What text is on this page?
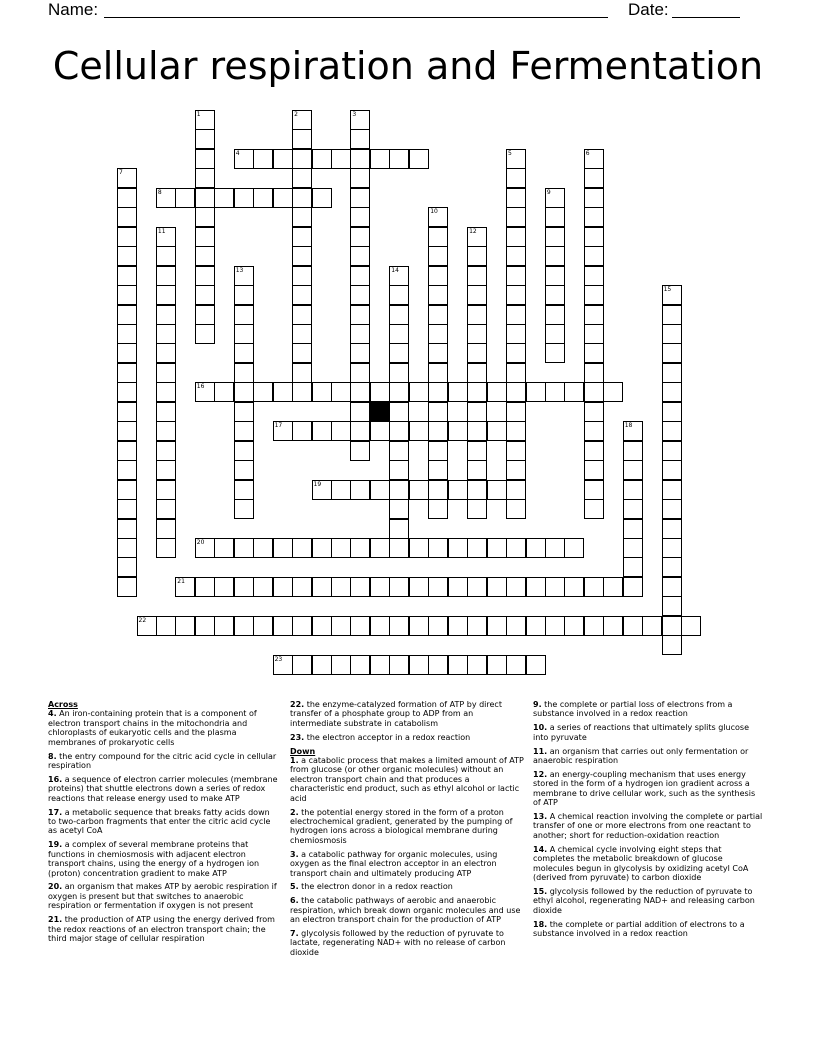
Name:	Date:
Cellular respiration and Fermentation
4
8
16
17
19
20
21
22
23
1	2	3
5	6
7
9
10
11	12
13	14
15
18
Across
4. An iron-containing protein that is a component of electron transport chains in the mitochondria and chloroplasts of eukaryotic cells and the plasma membranes of prokaryotic cells
8. the entry compound for the citric acid cycle in cellular respiration
16. a sequence of electron carrier molecules (membrane proteins) that shuttle electrons down a series of redox reactions that release energy used to make ATP
17. a metabolic sequence that breaks fatty acids down to two-carbon fragments that enter the citric acid cycle as acetyl CoA
19. a complex of several membrane proteins that functions in chemiosmosis with adjacent electron transport chains, using the energy of a hydrogen ion (proton) concentration gradient to make ATP
20. an organism that makes ATP by aerobic respiration if oxygen is present but that switches to anaerobic respiration or fermentation if oxygen is not present
21. the production of ATP using the energy derived from the redox reactions of an electron transport chain; the third major stage of cellular respiration
22. the enzyme-catalyzed formation of ATP by direct transfer of a phosphate group to ADP from an intermediate substrate in catabolism
23. the electron acceptor in a redox reaction
Down
1. a catabolic process that makes a limited amount of ATP from glucose (or other organic molecules) without an electron transport chain and that produces a characteristic end product, such as ethyl alcohol or lactic acid
2. the potential energy stored in the form of a proton electrochemical gradient, generated by the pumping of hydrogen ions across a biological membrane during chemiosmosis
3. a catabolic pathway for organic molecules, using oxygen as the final electron acceptor in an electron transport chain and ultimately producing ATP
5. the electron donor in a redox reaction
6. the catabolic pathways of aerobic and anaerobic respiration, which break down organic molecules and use an electron transport chain for the production of ATP
7. glycolysis followed by the reduction of pyruvate to lactate, regenerating NAD+ with no release of carbon dioxide
9. the complete or partial loss of electrons from a substance involved in a redox reaction
10. a series of reactions that ultimately splits glucose into pyruvate
11. an organism that carries out only fermentation or anaerobic respiration
12. an energy-coupling mechanism that uses energy stored in the form of a hydrogen ion gradient across a membrane to drive cellular work, such as the synthesis of ATP
13. A chemical reaction involving the complete or partial transfer of one or more electrons from one reactant to another; short for reduction-oxidation reaction
14. A chemical cycle involving eight steps that completes the metabolic breakdown of glucose molecules begun in glycolysis by oxidizing acetyl CoA (derived from pyruvate) to carbon dioxide
15. glycolysis followed by the reduction of pyruvate to ethyl alcohol, regenerating NAD+ and releasing carbon dioxide
18. the complete or partial addition of electrons to a substance involved in a redox reaction
